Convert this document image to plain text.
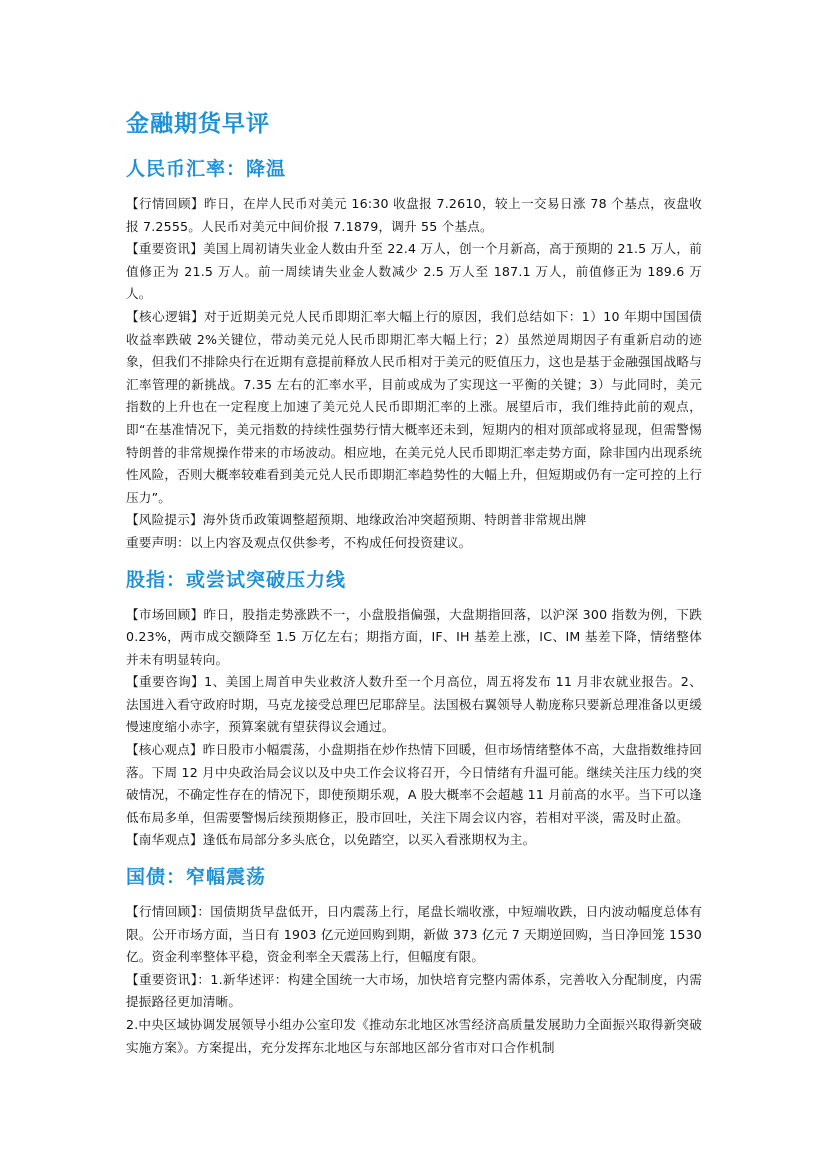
金融期货早评
人民币汇率：降温

【行情回顾】昨日，在岸人民币对美元 16:30 收盘报 7.2610，较上一交易日涨 78 个基点，夜盘收报 7.2555。人民币对美元中间价报 7.1879，调升 55 个基点。

【重要资讯】美国上周初请失业金人数由升至 22.4 万人，创一个月新高，高于预期的 21.5 万人，前值修正为 21.5 万人。前一周续请失业金人数减少 2.5 万人至 187.1 万人，前值修正为 189.6 万人。

【核心逻辑】对于近期美元兑人民币即期汇率大幅上行的原因，我们总结如下：1）10 年期中国国债收益率跌破 2%关键位，带动美元兑人民币即期汇率大幅上行；2）虽然逆周期因子有重新启动的迹象，但我们不排除央行在近期有意提前释放人民币相对于美元的贬值压力，这也是基于金融强国战略与汇率管理的新挑战。7.35 左右的汇率水平，目前或成为了实现这一平衡的关键；3）与此同时，美元指数的上升也在一定程度上加速了美元兑人民币即期汇率的上涨。展望后市，我们维持此前的观点，即“在基准情况下，美元指数的持续性强势行情大概率还未到，短期内的相对顶部或将显现，但需警惕特朗普的非常规操作带来的市场波动。相应地，在美元兑人民币即期汇率走势方面，除非国内出现系统性风险，否则大概率较难看到美元兑人民币即期汇率趋势性的大幅上升，但短期或仍有一定可控的上行压力”。

【风险提示】海外货币政策调整超预期、地缘政治冲突超预期、特朗普非常规出牌

重要声明：以上内容及观点仅供参考，不构成任何投资建议。

股指：或尝试突破压力线

【市场回顾】昨日，股指走势涨跌不一，小盘股指偏强，大盘期指回落，以沪深 300 指数为例，下跌 0.23%，两市成交额降至 1.5 万亿左右；期指方面，IF、IH 基差上涨，IC、IM 基差下降，情绪整体并未有明显转向。

【重要咨询】1、美国上周首申失业救济人数升至一个月高位，周五将发布 11 月非农就业报告。2、法国进入看守政府时期，马克龙接受总理巴尼耶辞呈。法国极右翼领导人勒庞称只要新总理准备以更缓慢速度缩小赤字，预算案就有望获得议会通过。

【核心观点】昨日股市小幅震荡，小盘期指在炒作热情下回暖，但市场情绪整体不高，大盘指数维持回落。下周 12 月中央政治局会议以及中央工作会议将召开，今日情绪有升温可能。继续关注压力线的突破情况，不确定性存在的情况下，即使预期乐观，A 股大概率不会超越 11 月前高的水平。当下可以逢低布局多单，但需要警惕后续预期修正，股市回吐，关注下周会议内容，若相对平淡，需及时止盈。

【南华观点】逢低布局部分多头底仓，以免踏空，以买入看涨期权为主。

国债：窄幅震荡

【行情回顾】：国债期货早盘低开，日内震荡上行，尾盘长端收涨，中短端收跌，日内波动幅度总体有限。公开市场方面，当日有 1903 亿元逆回购到期，新做 373 亿元 7 天期逆回购，当日净回笼 1530 亿。资金利率整体平稳，资金利率全天震荡上行，但幅度有限。

【重要资讯】：1.新华述评：构建全国统一大市场，加快培育完整内需体系，完善收入分配制度，内需提振路径更加清晰。

2.中央区域协调发展领导小组办公室印发《推动东北地区冰雪经济高质量发展助力全面振兴取得新突破实施方案》。方案提出，充分发挥东北地区与东部地区部分省市对口合作机制
